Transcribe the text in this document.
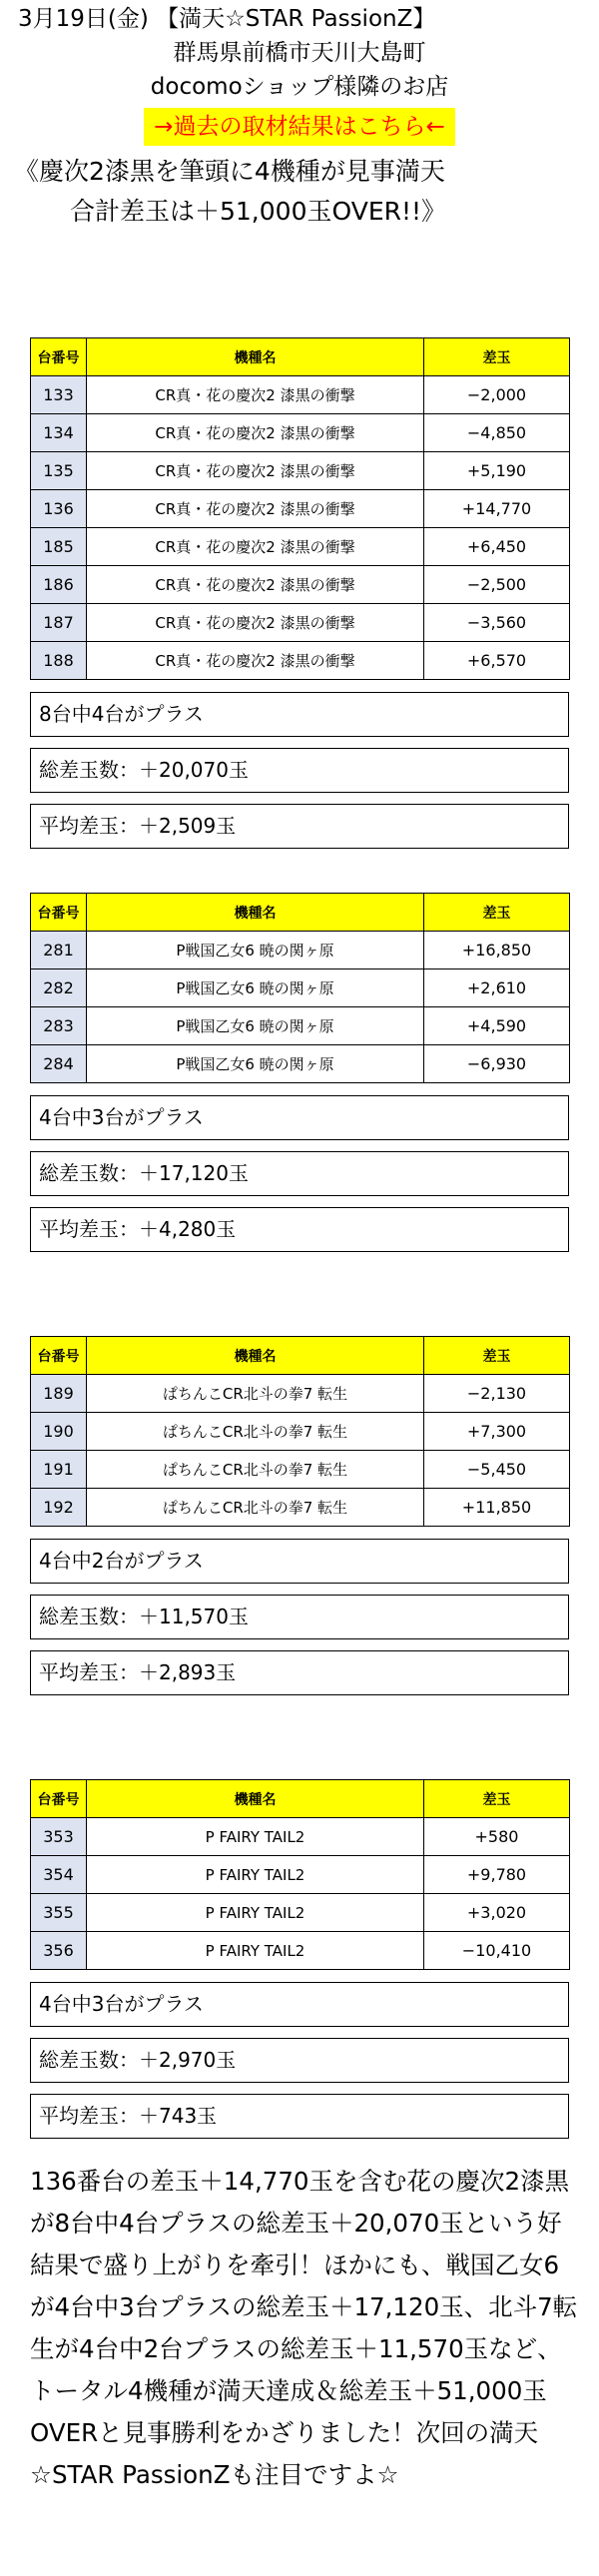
3月19日(金) 【満天☆STAR PassionZ】
群馬県前橋市天川大島町
docomoショップ様隣のお店
→過去の取材結果はこちら←
《慶次2漆黒を筆頭に4機種が見事満天
合計差玉は＋51,000玉OVER!!》
台番号	機種名	差玉
133	CR真・花の慶次2 漆黒の衝撃	−2,000
134	CR真・花の慶次2 漆黒の衝撃	−4,850
135	CR真・花の慶次2 漆黒の衝撃	+5,190
136	CR真・花の慶次2 漆黒の衝撃	+14,770
185	CR真・花の慶次2 漆黒の衝撃	+6,450
186	CR真・花の慶次2 漆黒の衝撃	−2,500
187	CR真・花の慶次2 漆黒の衝撃	−3,560
188	CR真・花の慶次2 漆黒の衝撃	+6,570
8台中4台がプラス
総差玉数：＋20,070玉
平均差玉：＋2,509玉
台番号	機種名	差玉
281	P戦国乙女6 暁の関ヶ原	+16,850
282	P戦国乙女6 暁の関ヶ原	+2,610
283	P戦国乙女6 暁の関ヶ原	+4,590
284	P戦国乙女6 暁の関ヶ原	−6,930
4台中3台がプラス
総差玉数：＋17,120玉
平均差玉：＋4,280玉
台番号	機種名	差玉
189	ぱちんこCR北斗の拳7 転生	−2,130
190	ぱちんこCR北斗の拳7 転生	+7,300
191	ぱちんこCR北斗の拳7 転生	−5,450
192	ぱちんこCR北斗の拳7 転生	+11,850
4台中2台がプラス
総差玉数：＋11,570玉
平均差玉：＋2,893玉
台番号	機種名	差玉
353	P FAIRY TAIL2	+580
354	P FAIRY TAIL2	+9,780
355	P FAIRY TAIL2	+3,020
356	P FAIRY TAIL2	−10,410
4台中3台がプラス
総差玉数：＋2,970玉
平均差玉：＋743玉

136番台の差玉＋14,770玉を含む花の慶次2漆黒が8台中4台プラスの総差玉＋20,070玉という好結果で盛り上がりを牽引！ほかにも、戦国乙女6が4台中3台プラスの総差玉＋17,120玉、北斗7転生が4台中2台プラスの総差玉＋11,570玉など、トータル4機種が満天達成＆総差玉＋51,000玉OVERと見事勝利をかざりました！次回の満天☆STAR PassionZも注目ですよ☆
